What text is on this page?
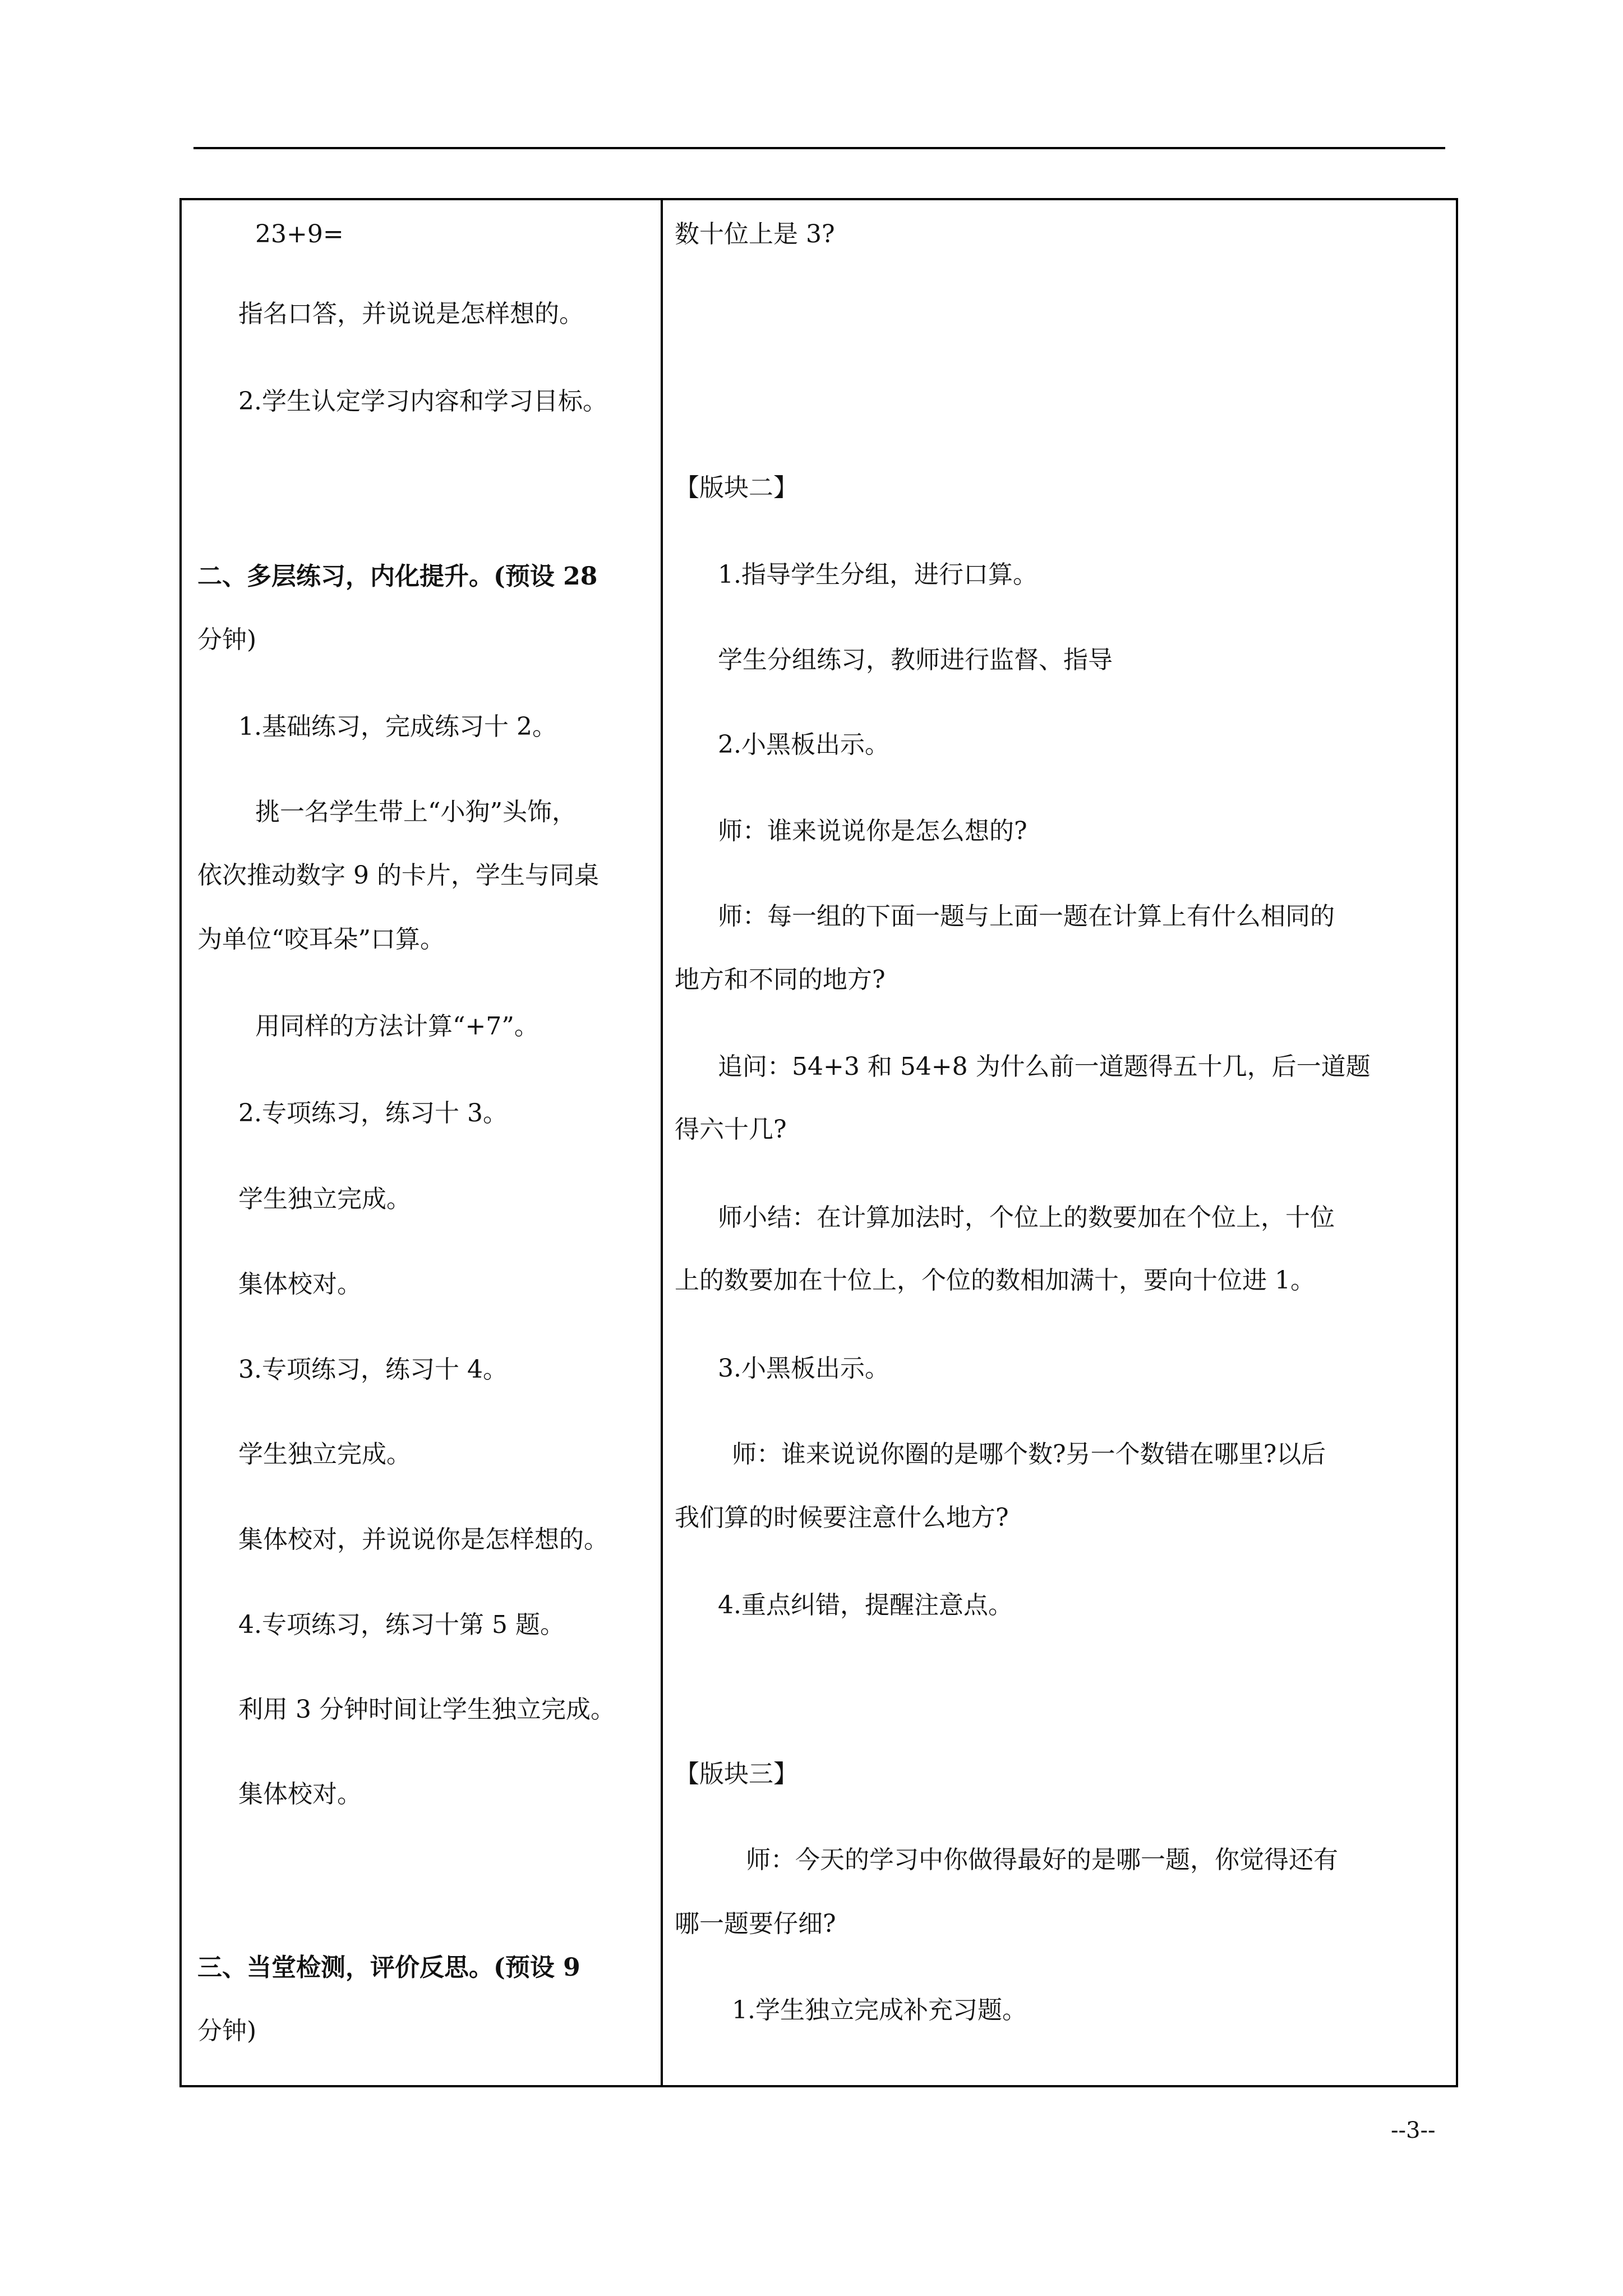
23+9=
指名口答，并说说是怎样想的。
2.学生认定学习内容和学习目标。
二、多层练习，内化提升。(预设 28
分钟)
1.基础练习，完成练习十 2。
挑一名学生带上“小狗”头饰，
依次推动数字 9 的卡片，学生与同桌
为单位“咬耳朵”口算。
用同样的方法计算“+7”。
2.专项练习，练习十 3。
学生独立完成。
集体校对。
3.专项练习，练习十 4。
学生独立完成。
集体校对，并说说你是怎样想的。
4.专项练习，练习十第 5 题。
利用 3 分钟时间让学生独立完成。
集体校对。
三、当堂检测，评价反思。(预设 9
分钟)
数十位上是 3?
【版块二】
1.指导学生分组，进行口算。
学生分组练习，教师进行监督、指导
2.小黑板出示。
师：谁来说说你是怎么想的?
师：每一组的下面一题与上面一题在计算上有什么相同的
地方和不同的地方?
追问：54+3 和 54+8 为什么前一道题得五十几，后一道题
得六十几?
师小结：在计算加法时，个位上的数要加在个位上，十位
上的数要加在十位上，个位的数相加满十，要向十位进 1。
3.小黑板出示。
师：谁来说说你圈的是哪个数?另一个数错在哪里?以后
我们算的时候要注意什么地方?
4.重点纠错，提醒注意点。
【版块三】
师：今天的学习中你做得最好的是哪一题，你觉得还有
哪一题要仔细?
1.学生独立完成补充习题。
--3--
